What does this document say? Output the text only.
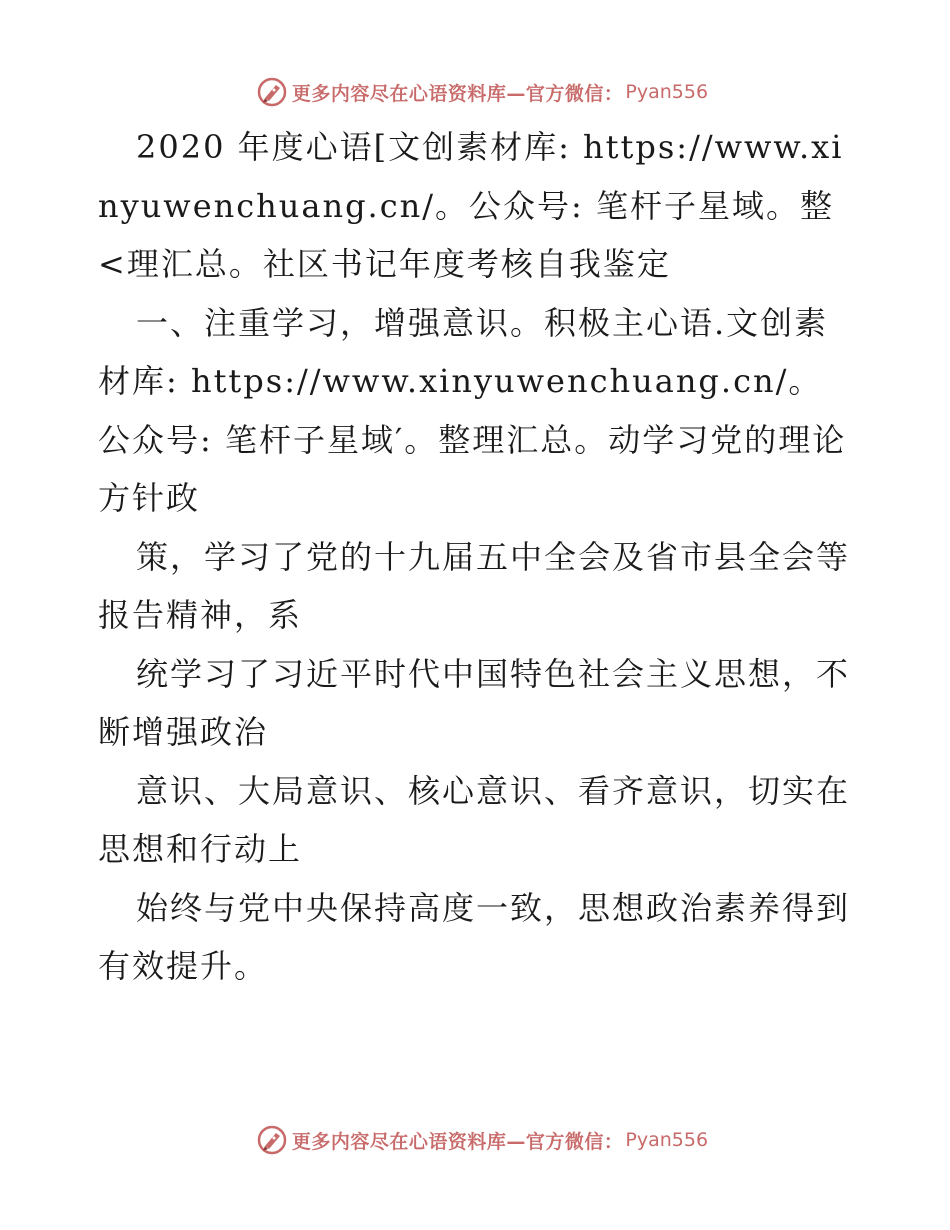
更多内容尽在心语资料库—官方微信： Pyan556

2020 年度心语[文创素材库: https://www.xinyuwenchuang.cn/。公众号: 笔杆子星域。整<理汇总。社区书记年度考核自我鉴定

一、注重学习，增强意识。积极主心语.文创素材库: https://www.xinyuwenchuang.cn/。公众号: 笔杆子星域′。整理汇总。动学习党的理论方针政

策，学习了党的十九届五中全会及省市县全会等报告精神，系

统学习了习近平时代中国特色社会主义思想，不断增强政治

意识、大局意识、核心意识、看齐意识，切实在思想和行动上

始终与党中央保持高度一致，思想政治素养得到有效提升。

更多内容尽在心语资料库—官方微信： Pyan556
